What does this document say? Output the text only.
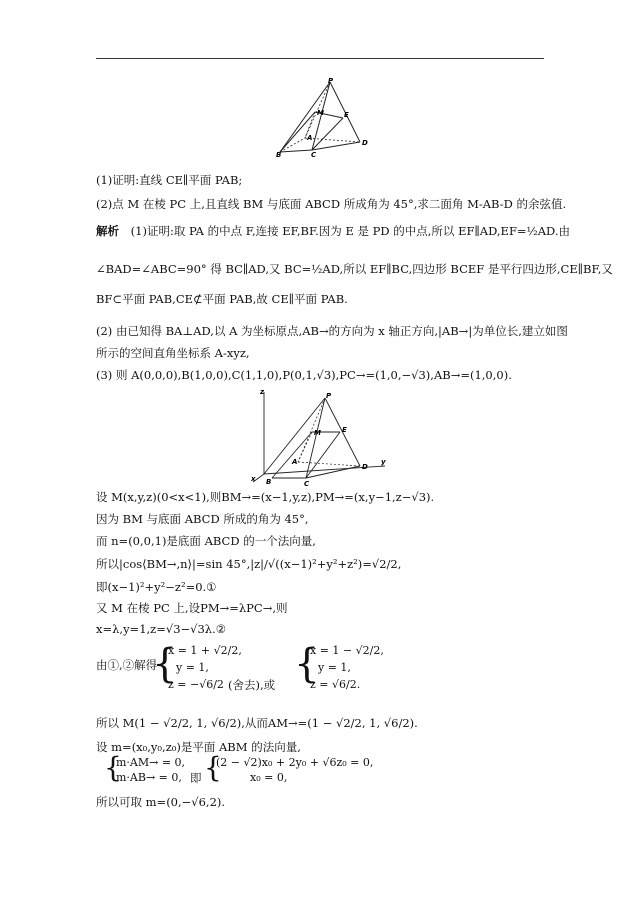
P
M	E
A
B	C
D
(1)证明:直线 CE∥平面 PAB;
(2)点 M 在棱 PC 上,且直线 BM 与底面 ABCD 所成角为 45°,求二面角 M-AB-D 的余弦值.
解析 (1)证明:取 PA 的中点 F,连接 EF,BF.因为 E 是 PD 的中点,所以 EF∥AD,EF=½AD.由
∠BAD=∠ABC=90° 得 BC∥AD,又 BC=½AD,所以 EF∥BC,四边形 BCEF 是平行四边形,CE∥BF,又
BF⊂平面 PAB,CE⊄平面 PAB,故 CE∥平面 PAB.
(2) 由已知得 BA⊥AD,以 A 为坐标原点,AB→的方向为 x 轴正方向,|AB→|为单位长,建立如图
所示的空间直角坐标系 A-xyz,
(3) 则 A(0,0,0),B(1,0,0),C(1,1,0),P(0,1,√3),PC→=(1,0,−√3),AB→=(1,0,0).
z	P
M	E
A
D
y
x B	C
设 M(x,y,z)(0<x<1),则BM→=(x−1,y,z),PM→=(x,y−1,z−√3).
因为 BM 与底面 ABCD 所成的角为 45°,
而 n=(0,0,1)是底面 ABCD 的一个法向量,
所以|cos⟨BM→,n⟩|=sin 45°,|z|/√((x−1)²+y²+z²)=√2/2,
即(x−1)²+y²−z²=0.①
又 M 在棱 PC 上,设PM→=λPC→,则
x=λ,y=1,z=√3−√3λ.②
由①,②解得
{
x = 1 + √2/2,
y = 1,
z = −√6/2 (舍去),或 {
x = 1 − √2/2,
y = 1,
z = √6/2.
所以 M(1 − √2/2, 1, √6/2),从而AM→=(1 − √2/2, 1, √6/2).
设 m=(x₀,y₀,z₀)是平面 ABM 的法向量,
{
m·AM→ = 0,
m·AB→ = 0, 即 {
(2 − √2)x₀ + 2y₀ + √6z₀ = 0,
x₀ = 0,
所以可取 m=(0,−√6,2).
